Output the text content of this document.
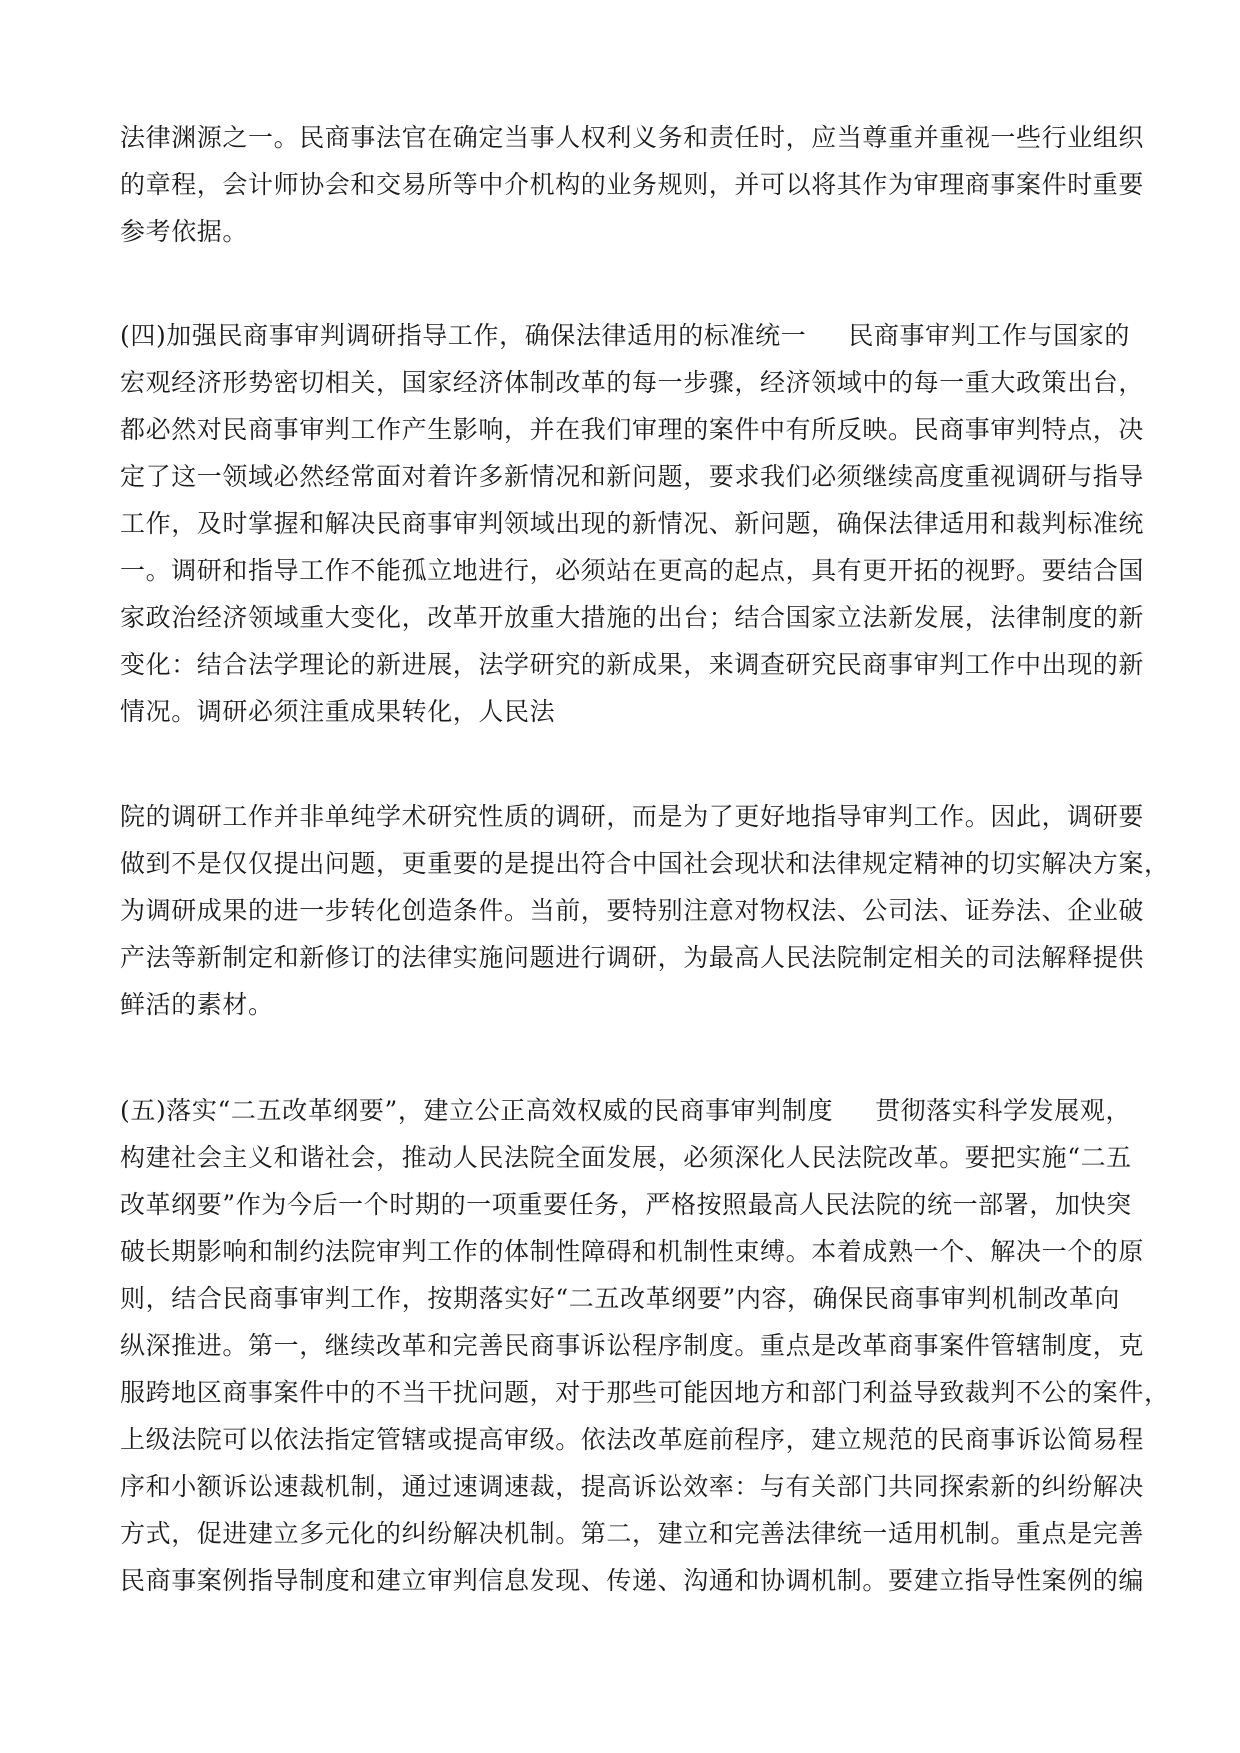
法律渊源之一。民商事法官在确定当事人权利义务和责任时，应当尊重并重视一些行业组织
的章程，会计师协会和交易所等中介机构的业务规则，并可以将其作为审理商事案件时重要
参考依据。
(四)加强民商事审判调研指导工作，确保法律适用的标准统一 民商事审判工作与国家的
宏观经济形势密切相关，国家经济体制改革的每一步骤，经济领域中的每一重大政策出台，
都必然对民商事审判工作产生影响，并在我们审理的案件中有所反映。民商事审判特点，决
定了这一领域必然经常面对着许多新情况和新问题，要求我们必须继续高度重视调研与指导
工作，及时掌握和解决民商事审判领域出现的新情况、新问题，确保法律适用和裁判标准统
一。调研和指导工作不能孤立地进行，必须站在更高的起点，具有更开拓的视野。要结合国
家政治经济领域重大变化，改革开放重大措施的出台；结合国家立法新发展，法律制度的新
变化：结合法学理论的新进展，法学研究的新成果，来调查研究民商事审判工作中出现的新
情况。调研必须注重成果转化，人民法
院的调研工作并非单纯学术研究性质的调研，而是为了更好地指导审判工作。因此，调研要
做到不是仅仅提出问题，更重要的是提出符合中国社会现状和法律规定精神的切实解决方案，
为调研成果的进一步转化创造条件。当前，要特别注意对物权法、公司法、证券法、企业破
产法等新制定和新修订的法律实施问题进行调研，为最高人民法院制定相关的司法解释提供
鲜活的素材。
(五)落实“二五改革纲要”，建立公正高效权威的民商事审判制度 贯彻落实科学发展观，
构建社会主义和谐社会，推动人民法院全面发展，必须深化人民法院改革。要把实施“二五
改革纲要”作为今后一个时期的一项重要任务，严格按照最高人民法院的统一部署，加快突
破长期影响和制约法院审判工作的体制性障碍和机制性束缚。本着成熟一个、解决一个的原
则，结合民商事审判工作，按期落实好“二五改革纲要”内容，确保民商事审判机制改革向
纵深推进。第一，继续改革和完善民商事诉讼程序制度。重点是改革商事案件管辖制度，克
服跨地区商事案件中的不当干扰问题，对于那些可能因地方和部门利益导致裁判不公的案件，
上级法院可以依法指定管辖或提高审级。依法改革庭前程序，建立规范的民商事诉讼简易程
序和小额诉讼速裁机制，通过速调速裁，提高诉讼效率：与有关部门共同探索新的纠纷解决
方式，促进建立多元化的纠纷解决机制。第二，建立和完善法律统一适用机制。重点是完善
民商事案例指导制度和建立审判信息发现、传递、沟通和协调机制。要建立指导性案例的编
